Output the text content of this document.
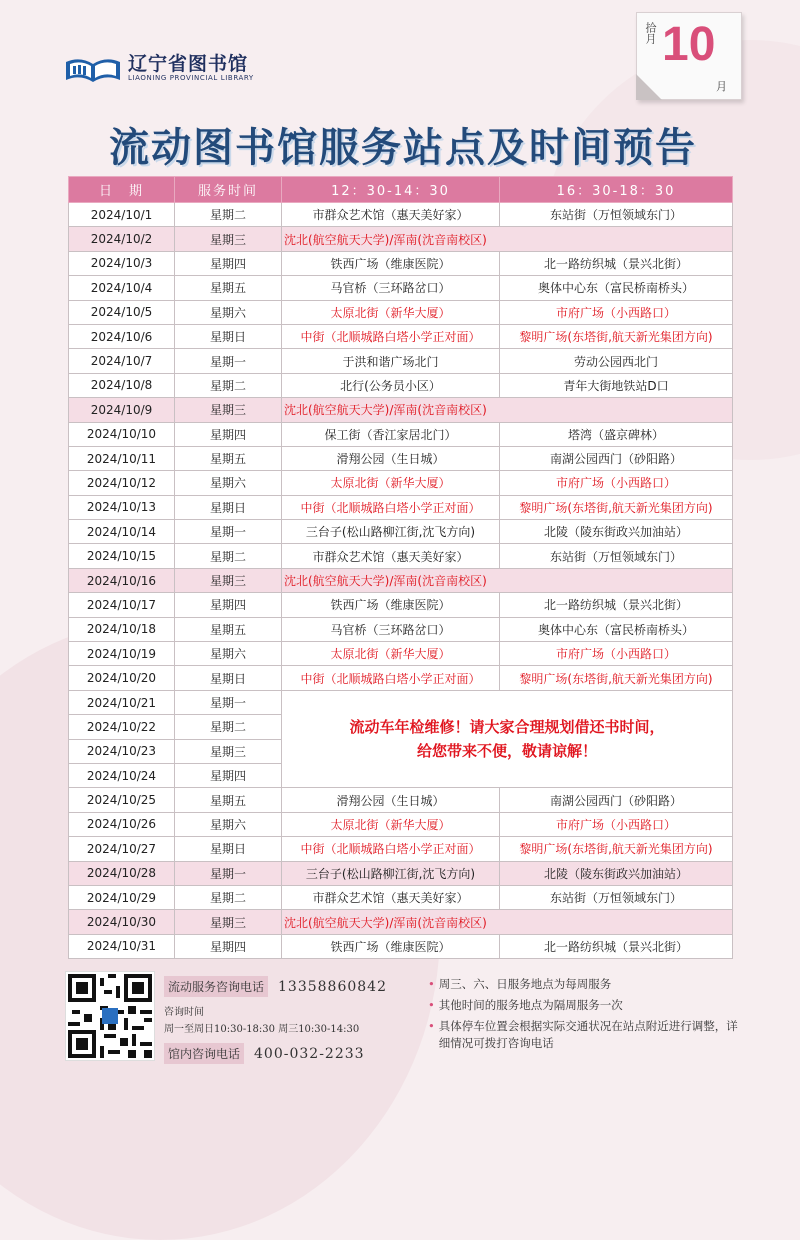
辽宁省图书馆
LIAONING PROVINCIAL LIBRARY
拾月 10
月
流动图书馆服务站点及时间预告
日　期	服务时间	12：30-14：30	16：30-18：30
2024/10/1	星期二	市群众艺术馆（惠天美好家）	东站街（万恒领域东门）
2024/10/2	星期三	沈北(航空航天大学)/浑南(沈音南校区)	
2024/10/3	星期四	铁西广场（维康医院）	北一路纺织城（景兴北街）
2024/10/4	星期五	马官桥（三环路岔口）	奥体中心东（富民桥南桥头）
2024/10/5	星期六	太原北街（新华大厦）	市府广场（小西路口）
2024/10/6	星期日	中街（北顺城路白塔小学正对面）	黎明广场(东塔街,航天新光集团方向)
2024/10/7	星期一	于洪和谐广场北门	劳动公园西北门
2024/10/8	星期二	北行(公务员小区）	青年大街地铁站D口
2024/10/9	星期三	沈北(航空航天大学)/浑南(沈音南校区)	
2024/10/10	星期四	保工街（香江家居北门）	塔湾（盛京碑林）
2024/10/11	星期五	滑翔公园（生日城）	南湖公园西门（砂阳路）
2024/10/12	星期六	太原北街（新华大厦）	市府广场（小西路口）
2024/10/13	星期日	中街（北顺城路白塔小学正对面）	黎明广场(东塔街,航天新光集团方向)
2024/10/14	星期一	三台子(松山路柳江街,沈飞方向)	北陵（陵东街政兴加油站）
2024/10/15	星期二	市群众艺术馆（惠天美好家）	东站街（万恒领域东门）
2024/10/16	星期三	沈北(航空航天大学)/浑南(沈音南校区)	
2024/10/17	星期四	铁西广场（维康医院）	北一路纺织城（景兴北街）
2024/10/18	星期五	马官桥（三环路岔口）	奥体中心东（富民桥南桥头）
2024/10/19	星期六	太原北街（新华大厦）	市府广场（小西路口）
2024/10/20	星期日	中街（北顺城路白塔小学正对面）	黎明广场(东塔街,航天新光集团方向)
2024/10/21	星期一	流动车年检维修！请大家合理规划借还书时间，
给您带来不便，敬请谅解！	

2024/10/22	星期二		
2024/10/23	星期三		
2024/10/24	星期四		
2024/10/25	星期五	滑翔公园（生日城）	南湖公园西门（砂阳路）
2024/10/26	星期六	太原北街（新华大厦）	市府广场（小西路口）
2024/10/27	星期日	中街（北顺城路白塔小学正对面）	黎明广场(东塔街,航天新光集团方向)
2024/10/28	星期一	三台子(松山路柳江街,沈飞方向)	北陵（陵东街政兴加油站）
2024/10/29	星期二	市群众艺术馆（惠天美好家）	东站街（万恒领域东门）
2024/10/30	星期三	沈北(航空航天大学)/浑南(沈音南校区)	
2024/10/31	星期四	铁西广场（维康医院）	北一路纺织城（景兴北街）
流动服务咨询电话 13358860842
咨询时间
周一至周日10:30-18:30 周三10:30-14:30
馆内咨询电话 400-032-2233
• 周三、六、日服务地点为每周服务
• 其他时间的服务地点为隔周服务一次
• 具体停车位置会根据实际交通状况在站点附近进行调整，详细情况可拨打咨询电话
